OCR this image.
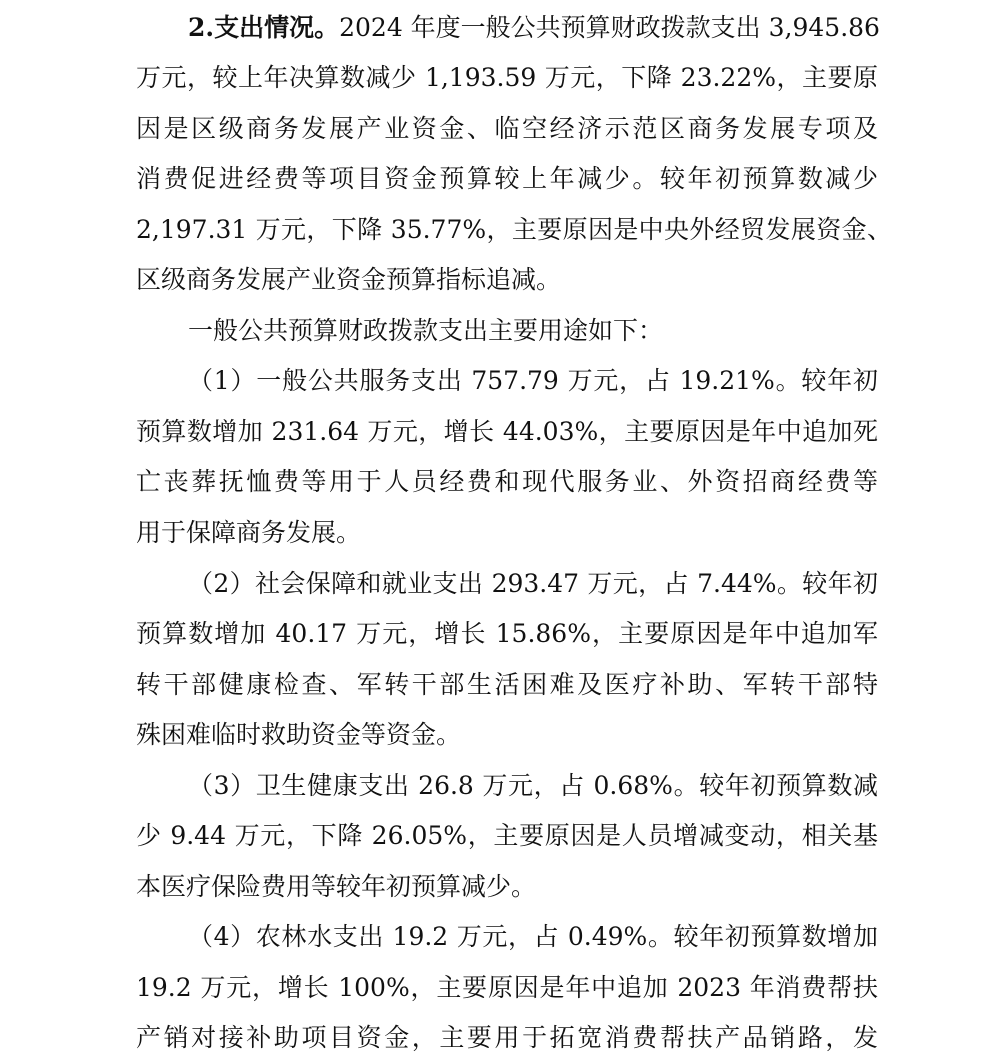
2.支出情况。2024 年度一般公共预算财政拨款支出 3,945.86
万元，较上年决算数减少 1,193.59 万元，下降 23.22%，主要原
因是区级商务发展产业资金、临空经济示范区商务发展专项及
消费促进经费等项目资金预算较上年减少。较年初预算数减少
2,197.31 万元，下降 35.77%，主要原因是中央外经贸发展资金、
区级商务发展产业资金预算指标追减。
一般公共预算财政拨款支出主要用途如下：
（1）一般公共服务支出 757.79 万元，占 19.21%。较年初
预算数增加 231.64 万元，增长 44.03%，主要原因是年中追加死
亡丧葬抚恤费等用于人员经费和现代服务业、外资招商经费等
用于保障商务发展。
（2）社会保障和就业支出 293.47 万元，占 7.44%。较年初
预算数增加 40.17 万元，增长 15.86%，主要原因是年中追加军
转干部健康检查、军转干部生活困难及医疗补助、军转干部特
殊困难临时救助资金等资金。
（3）卫生健康支出 26.8 万元，占 0.68%。较年初预算数减
少 9.44 万元，下降 26.05%，主要原因是人员增减变动，相关基
本医疗保险费用等较年初预算减少。
（4）农林水支出 19.2 万元，占 0.49%。较年初预算数增加
19.2 万元，增长 100%，主要原因是年中追加 2023 年消费帮扶
产销对接补助项目资金，主要用于拓宽消费帮扶产品销路，发
